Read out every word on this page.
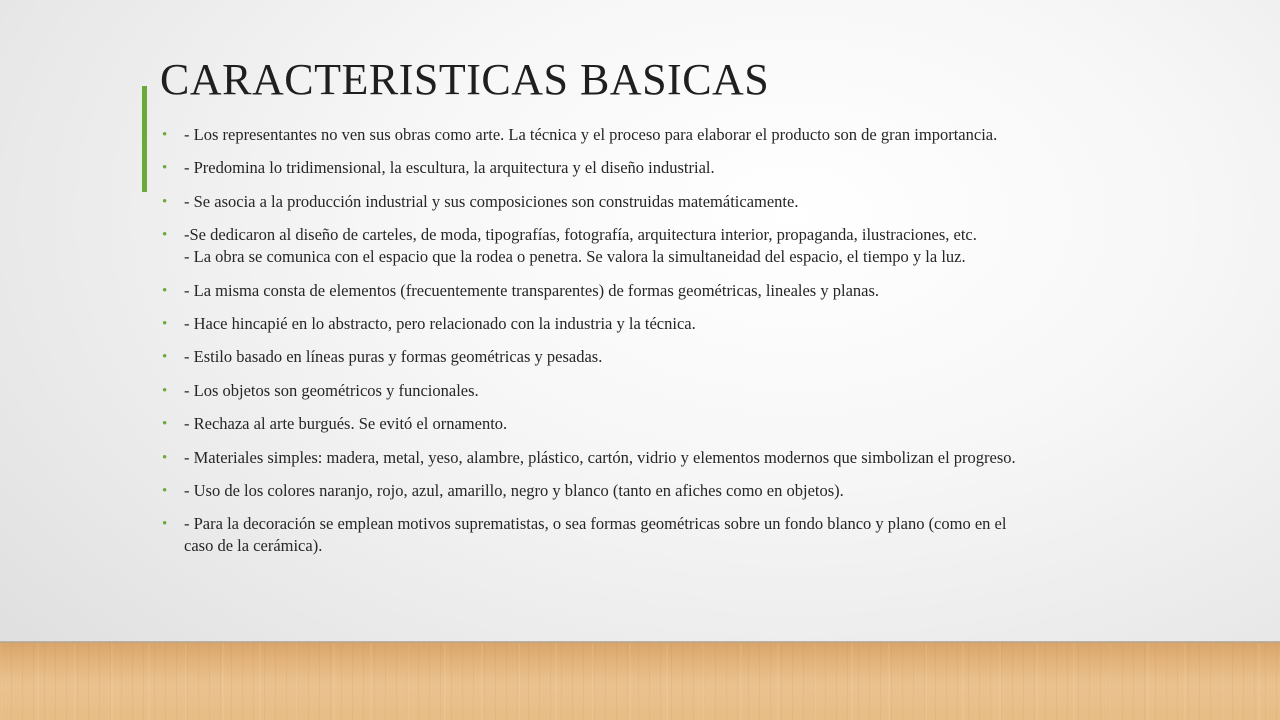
CARACTERISTICAS BASICAS
• - Los representantes no ven sus obras como arte. La técnica y el proceso para elaborar el producto son de gran importancia.
• - Predomina lo tridimensional, la escultura, la arquitectura y el diseño industrial.
• - Se asocia a la producción industrial y sus composiciones son construidas matemáticamente.
• -Se dedicaron al diseño de carteles, de moda, tipografías, fotografía, arquitectura interior, propaganda, ilustraciones, etc.
- La obra se comunica con el espacio que la rodea o penetra. Se valora la simultaneidad del espacio, el tiempo y la luz.
• - La misma consta de elementos (frecuentemente transparentes) de formas geométricas, lineales y planas.
• - Hace hincapié en lo abstracto, pero relacionado con la industria y la técnica.
• - Estilo basado en líneas puras y formas geométricas y pesadas.
• - Los objetos son geométricos y funcionales.
• - Rechaza al arte burgués. Se evitó el ornamento.
• - Materiales simples: madera, metal, yeso, alambre, plástico, cartón, vidrio y elementos modernos que simbolizan el progreso.
• - Uso de los colores naranjo, rojo, azul, amarillo, negro y blanco (tanto en afiches como en objetos).
• - Para la decoración se emplean motivos suprematistas, o sea formas geométricas sobre un fondo blanco y plano (como en el
caso de la cerámica).
